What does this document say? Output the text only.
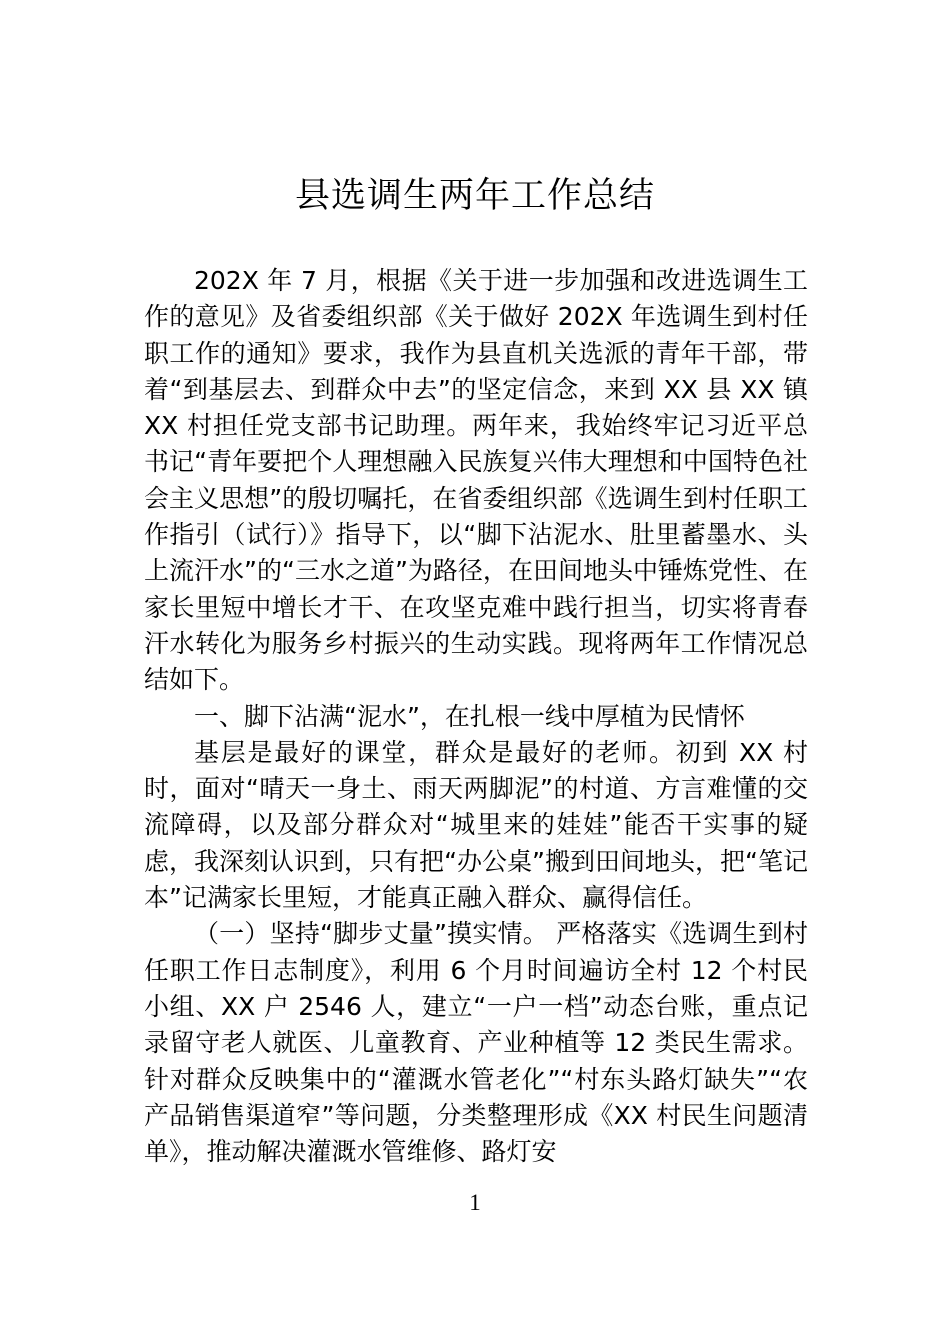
县选调生两年工作总结

202X 年 7 月，根据《关于进一步加强和改进选调生工作的意见》及省委组织部《关于做好 202X 年选调生到村任职工作的通知》要求，我作为县直机关选派的青年干部，带着“到基层去、到群众中去”的坚定信念，来到 XX 县 XX 镇 XX 村担任党支部书记助理。两年来，我始终牢记习近平总书记“青年要把个人理想融入民族复兴伟大理想和中国特色社会主义思想”的殷切嘱托，在省委组织部《选调生到村任职工作指引（试行）》指导下，以“脚下沾泥水、肚里蓄墨水、头上流汗水”的“三水之道”为路径，在田间地头中锤炼党性、在家长里短中增长才干、在攻坚克难中践行担当，切实将青春汗水转化为服务乡村振兴的生动实践。现将两年工作情况总结如下。

一、脚下沾满“泥水”，在扎根一线中厚植为民情怀

基层是最好的课堂，群众是最好的老师。初到 XX 村时，面对“晴天一身土、雨天两脚泥”的村道、方言难懂的交流障碍，以及部分群众对“城里来的娃娃”能否干实事的疑虑，我深刻认识到，只有把“办公桌”搬到田间地头，把“笔记本”记满家长里短，才能真正融入群众、赢得信任。

（一）坚持“脚步丈量”摸实情。 严格落实《选调生到村任职工作日志制度》，利用 6 个月时间遍访全村 12 个村民小组、XX 户 2546 人，建立“一户一档”动态台账，重点记录留守老人就医、儿童教育、产业种植等 12 类民生需求。针对群众反映集中的“灌溉水管老化”“村东头路灯缺失”“农产品销售渠道窄”等问题，分类整理形成《XX 村民生问题清单》，推动解决灌溉水管维修、路灯安

1
